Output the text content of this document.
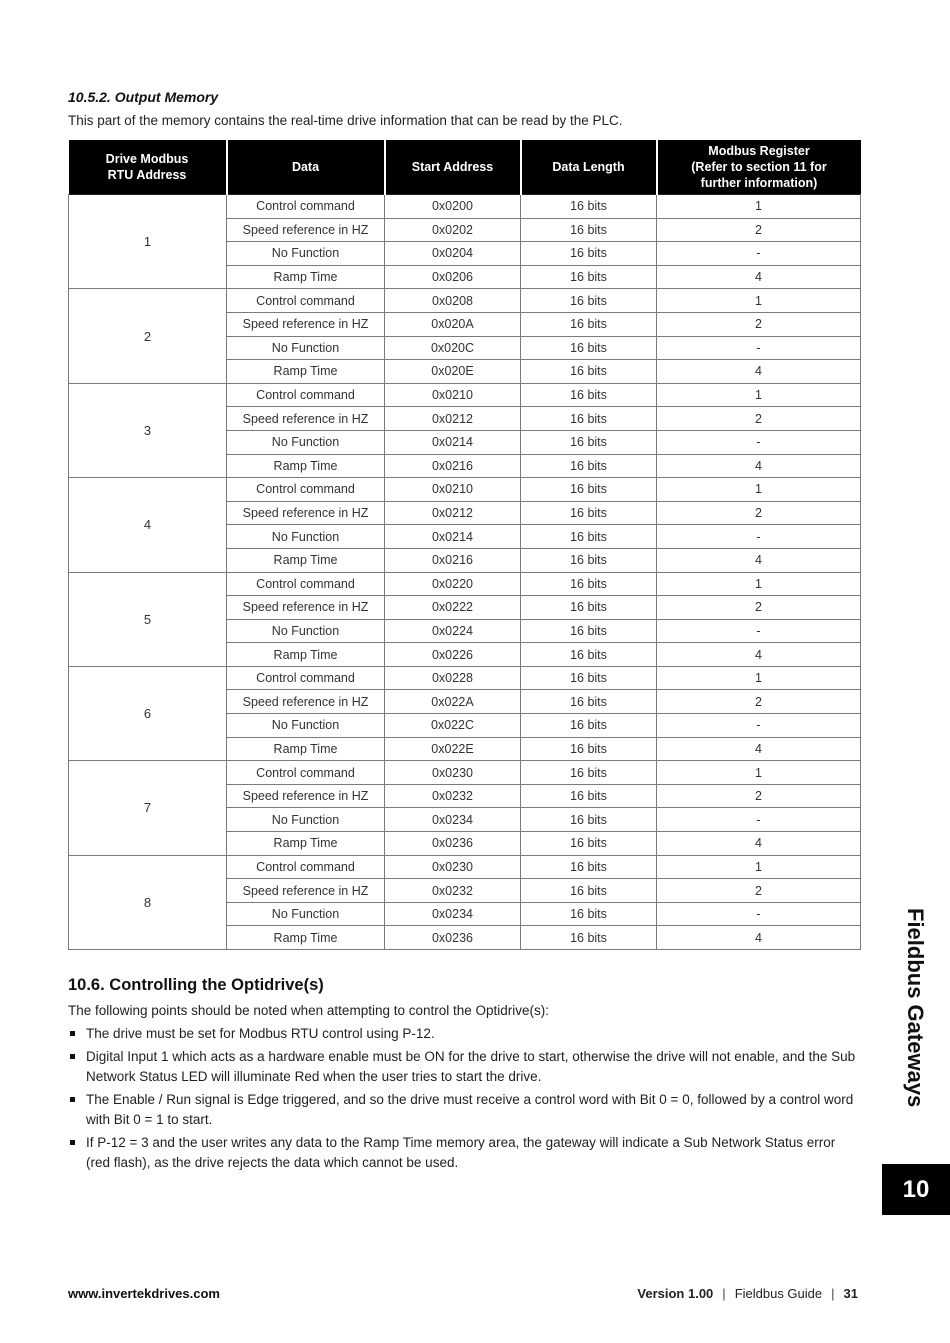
10.5.2. Output Memory
This part of the memory contains the real-time drive information that can be read by the PLC.
Drive Modbus
RTU Address	Data	Start Address	Data Length	Modbus Register
(Refer to section 11 for
further information)
1	Control command	0x0200	16 bits	1
	Speed reference in HZ	0x0202	16 bits	2
	No Function	0x0204	16 bits	-
	Ramp Time	0x0206	16 bits	4
2	Control command	0x0208	16 bits	1
	Speed reference in HZ	0x020A	16 bits	2
	No Function	0x020C	16 bits	-
	Ramp Time	0x020E	16 bits	4
3	Control command	0x0210	16 bits	1
	Speed reference in HZ	0x0212	16 bits	2
	No Function	0x0214	16 bits	-
	Ramp Time	0x0216	16 bits	4
4	Control command	0x0210	16 bits	1
	Speed reference in HZ	0x0212	16 bits	2
	No Function	0x0214	16 bits	-
	Ramp Time	0x0216	16 bits	4
5	Control command	0x0220	16 bits	1
	Speed reference in HZ	0x0222	16 bits	2
	No Function	0x0224	16 bits	-
	Ramp Time	0x0226	16 bits	4
6	Control command	0x0228	16 bits	1
	Speed reference in HZ	0x022A	16 bits	2
	No Function	0x022C	16 bits	-
	Ramp Time	0x022E	16 bits	4
7	Control command	0x0230	16 bits	1
	Speed reference in HZ	0x0232	16 bits	2
	No Function	0x0234	16 bits	-
	Ramp Time	0x0236	16 bits	4
8	Control command	0x0230	16 bits	1
	Speed reference in HZ	0x0232	16 bits	2
	No Function	0x0234	16 bits	-
	Ramp Time	0x0236	16 bits	4
10.6. Controlling the Optidrive(s)
The following points should be noted when attempting to control the Optidrive(s):
The drive must be set for Modbus RTU control using P-12.
Digital Input 1 which acts as a hardware enable must be ON for the drive to start, otherwise the drive will not enable, and the Sub Network Status LED will illuminate Red when the user tries to start the drive.
The Enable / Run signal is Edge triggered, and so the drive must receive a control word with Bit 0 = 0, followed by a control word with Bit 0 = 1 to start.
If P-12 = 3 and the user writes any data to the Ramp Time memory area, the gateway will indicate a Sub Network Status error (red flash), as the drive rejects the data which cannot be used.
Fieldbus Gateways
10
www.invertekdrives.com	Version 1.00 | Fieldbus Guide | 31
